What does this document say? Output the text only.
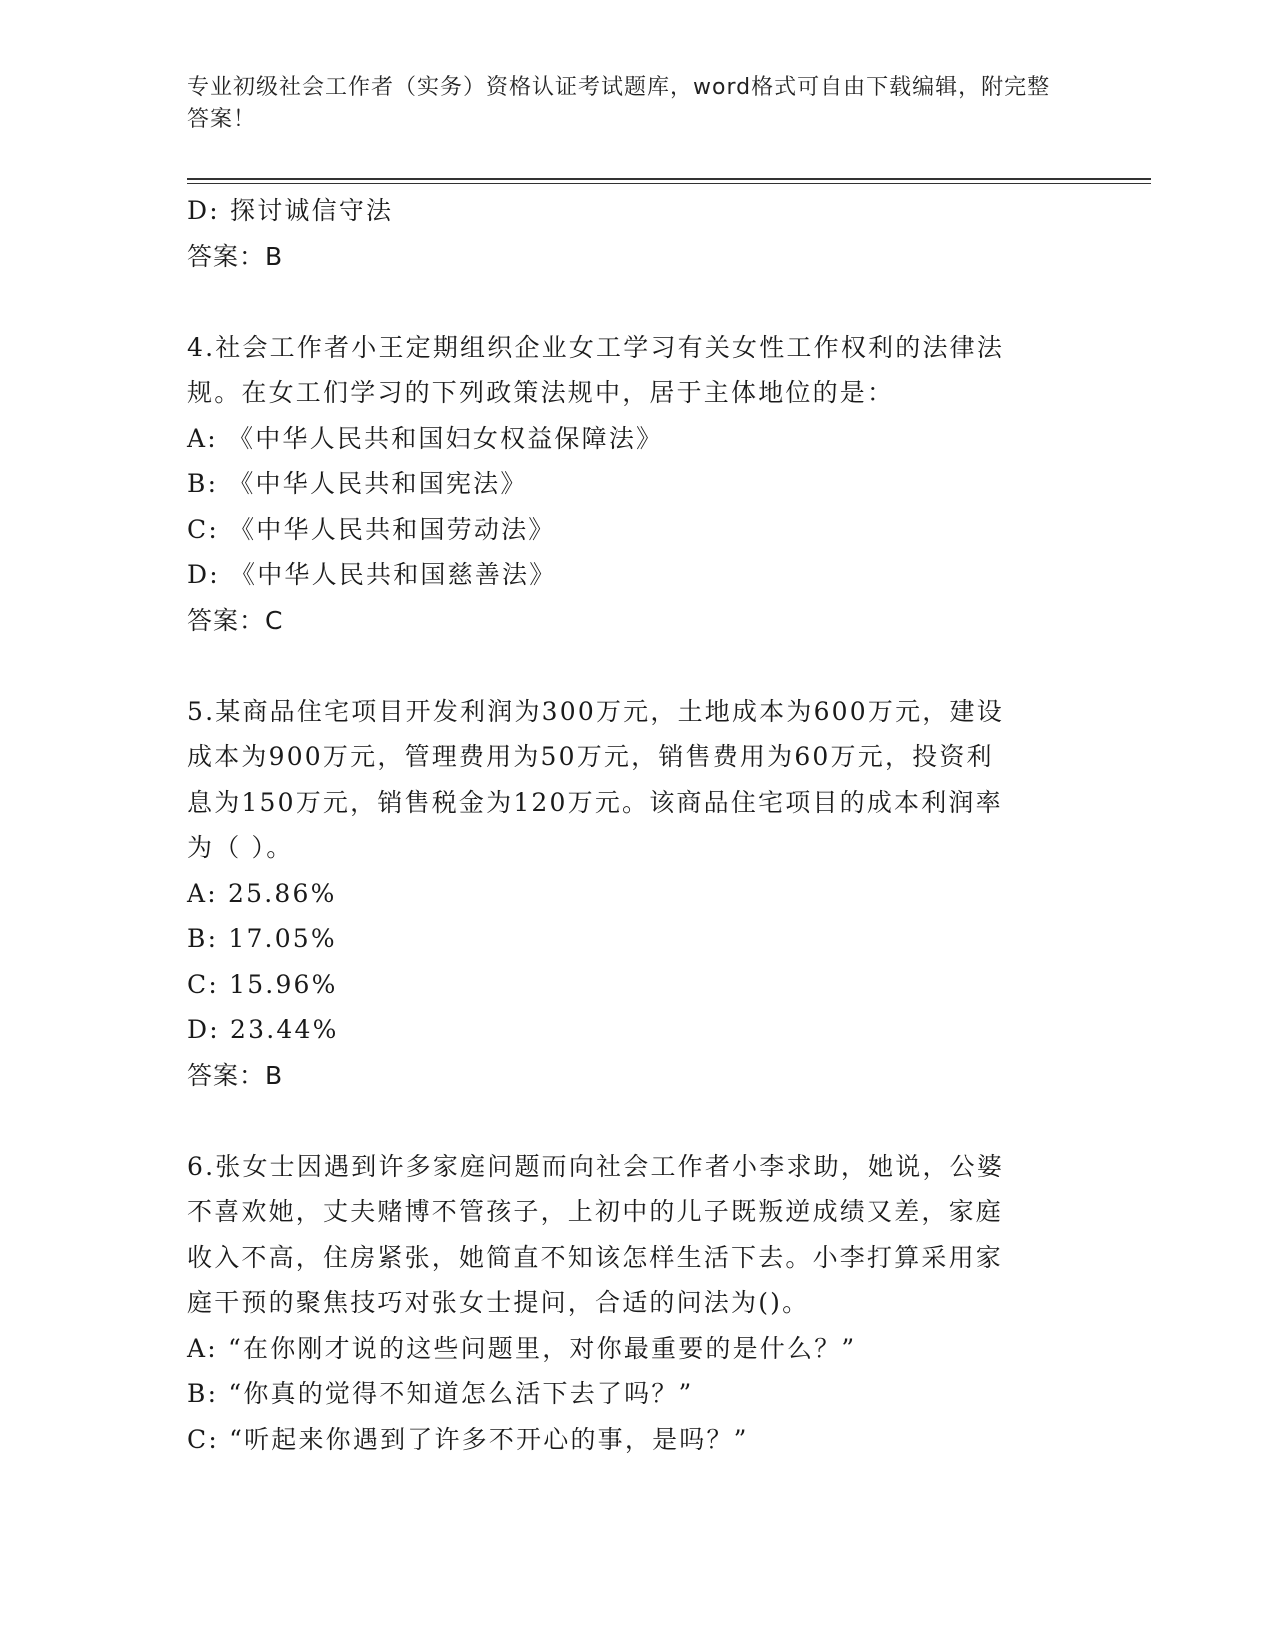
专业初级社会工作者（实务）资格认证考试题库，word格式可自由下载编辑，附完整答案！
D: 探讨诚信守法
答案：B
4.社会工作者小王定期组织企业女工学习有关女性工作权利的法律法
规。在女工们学习的下列政策法规中，居于主体地位的是：
A: 《中华人民共和国妇女权益保障法》
B: 《中华人民共和国宪法》
C: 《中华人民共和国劳动法》
D: 《中华人民共和国慈善法》
答案：C
5.某商品住宅项目开发利润为300万元，土地成本为600万元，建设
成本为900万元，管理费用为50万元，销售费用为60万元，投资利
息为150万元，销售税金为120万元。该商品住宅项目的成本利润率
为（ ）。
A: 25.86%
B: 17.05%
C: 15.96%
D: 23.44%
答案：B
6.张女士因遇到许多家庭问题而向社会工作者小李求助，她说，公婆
不喜欢她，丈夫赌博不管孩子，上初中的儿子既叛逆成绩又差，家庭
收入不高，住房紧张，她简直不知该怎样生活下去。小李打算采用家
庭干预的聚焦技巧对张女士提问，合适的问法为()。
A: “在你刚才说的这些问题里，对你最重要的是什么？”
B: “你真的觉得不知道怎么活下去了吗？”
C: “听起来你遇到了许多不开心的事，是吗？”
